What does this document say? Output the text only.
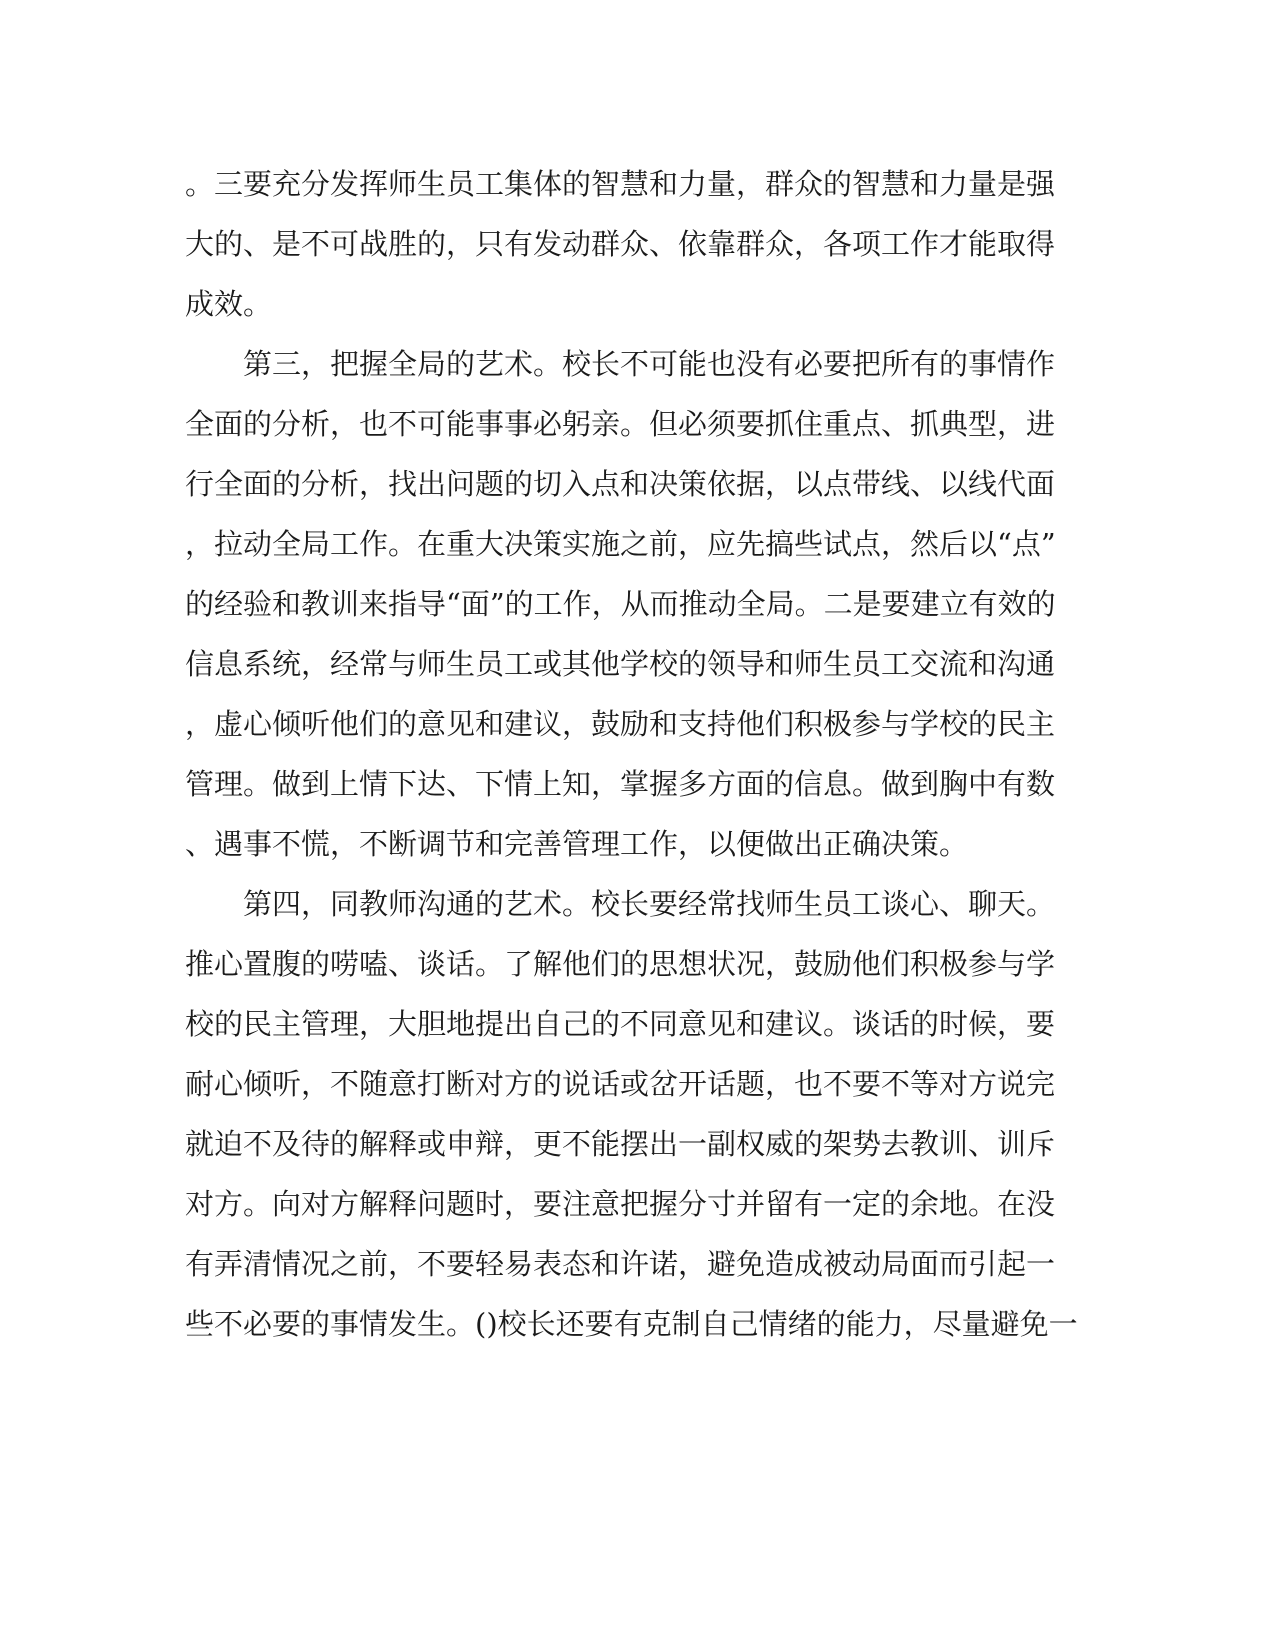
。三要充分发挥师生员工集体的智慧和力量，群众的智慧和力量是强
大的、是不可战胜的，只有发动群众、依靠群众，各项工作才能取得
成效。
　　第三，把握全局的艺术。校长不可能也没有必要把所有的事情作
全面的分析，也不可能事事必躬亲。但必须要抓住重点、抓典型，进
行全面的分析，找出问题的切入点和决策依据，以点带线、以线代面
，拉动全局工作。在重大决策实施之前，应先搞些试点，然后以“点”
的经验和教训来指导“面”的工作，从而推动全局。二是要建立有效的
信息系统，经常与师生员工或其他学校的领导和师生员工交流和沟通
，虚心倾听他们的意见和建议，鼓励和支持他们积极参与学校的民主
管理。做到上情下达、下情上知，掌握多方面的信息。做到胸中有数
、遇事不慌，不断调节和完善管理工作，以便做出正确决策。
　　第四，同教师沟通的艺术。校长要经常找师生员工谈心、聊天。
推心置腹的唠嗑、谈话。了解他们的思想状况，鼓励他们积极参与学
校的民主管理，大胆地提出自己的不同意见和建议。谈话的时候，要
耐心倾听，不随意打断对方的说话或岔开话题，也不要不等对方说完
就迫不及待的解释或申辩，更不能摆出一副权威的架势去教训、训斥
对方。向对方解释问题时，要注意把握分寸并留有一定的余地。在没
有弄清情况之前，不要轻易表态和许诺，避免造成被动局面而引起一
些不必要的事情发生。()校长还要有克制自己情绪的能力，尽量避免一
